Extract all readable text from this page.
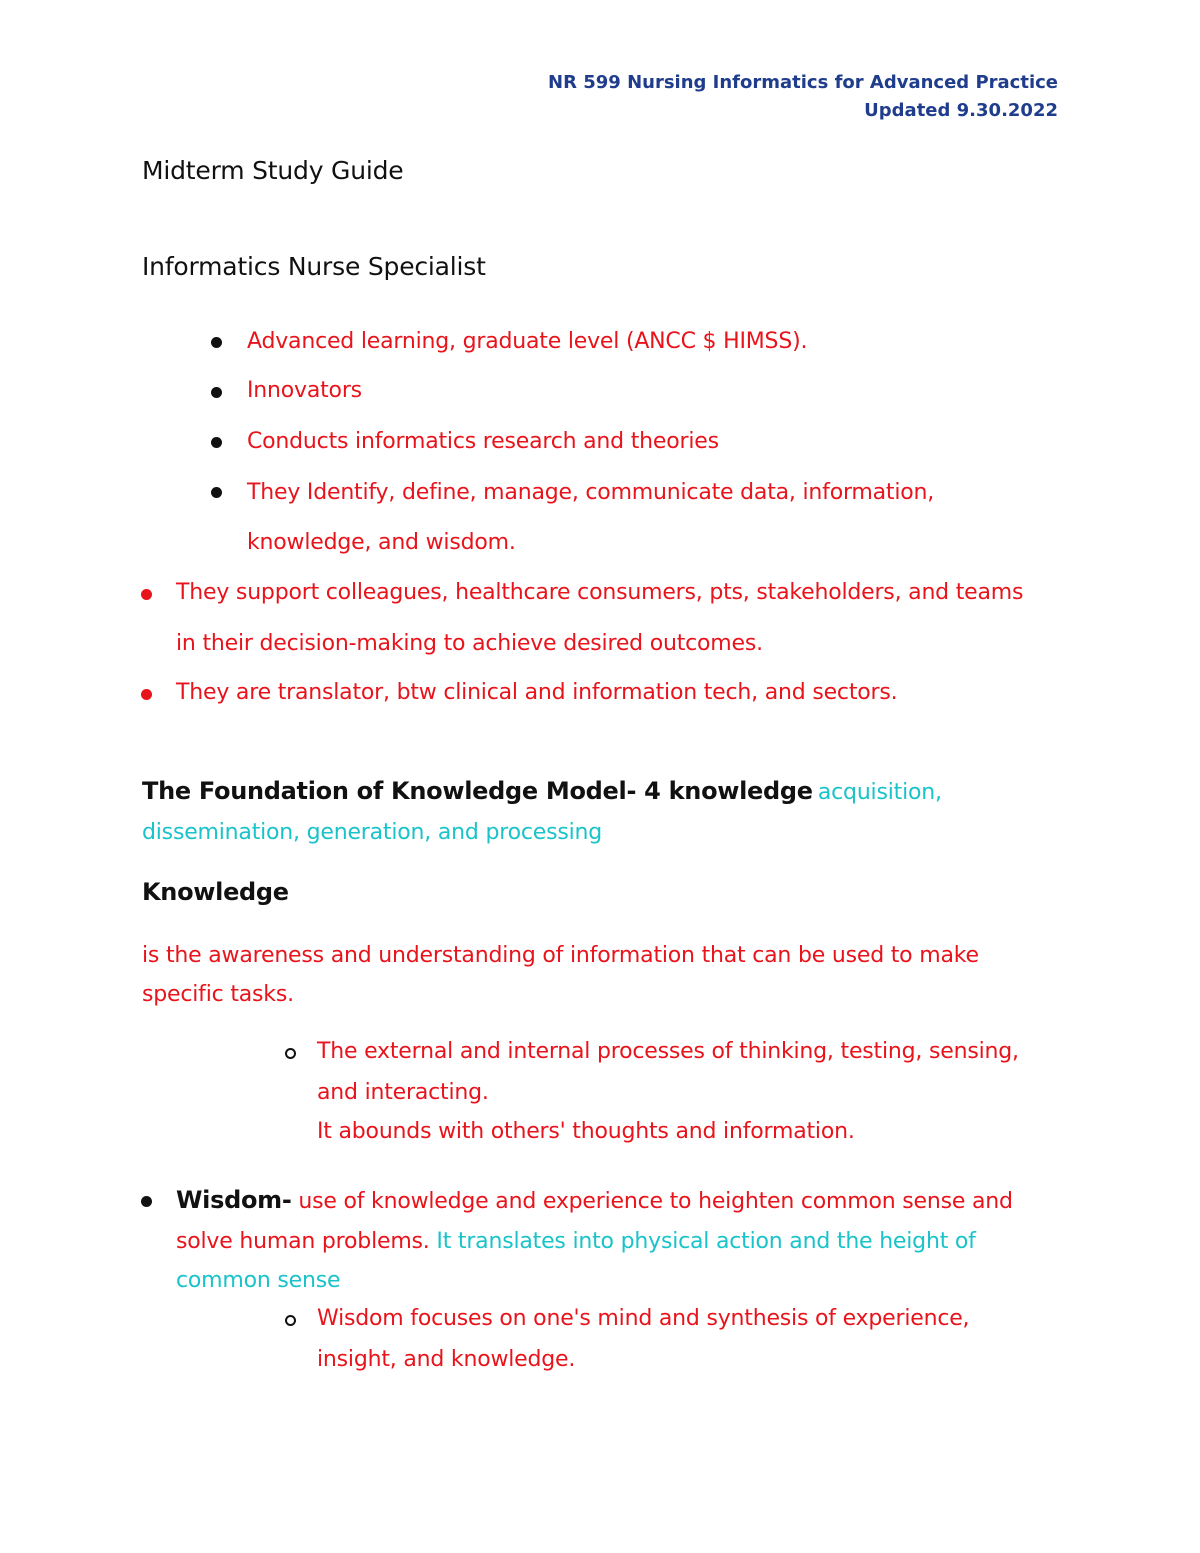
NR 599 Nursing Informatics for Advanced Practice
Updated 9.30.2022
Midterm Study Guide
Informatics Nurse Specialist
Advanced learning, graduate level (ANCC $ HIMSS).
Innovators
Conducts informatics research and theories
They Identify, define, manage, communicate data, information,
knowledge, and wisdom.
They support colleagues, healthcare consumers, pts, stakeholders, and teams
in their decision-making to achieve desired outcomes.
They are translator, btw clinical and information tech, and sectors.
The Foundation of Knowledge Model- 4 knowledge acquisition,
dissemination, generation, and processing
Knowledge
is the awareness and understanding of information that can be used to make
specific tasks.
The external and internal processes of thinking, testing, sensing,
and interacting.
It abounds with others' thoughts and information.
Wisdom- use of knowledge and experience to heighten common sense and
solve human problems. It translates into physical action and the height of
common sense
Wisdom focuses on one's mind and synthesis of experience,
insight, and knowledge.
